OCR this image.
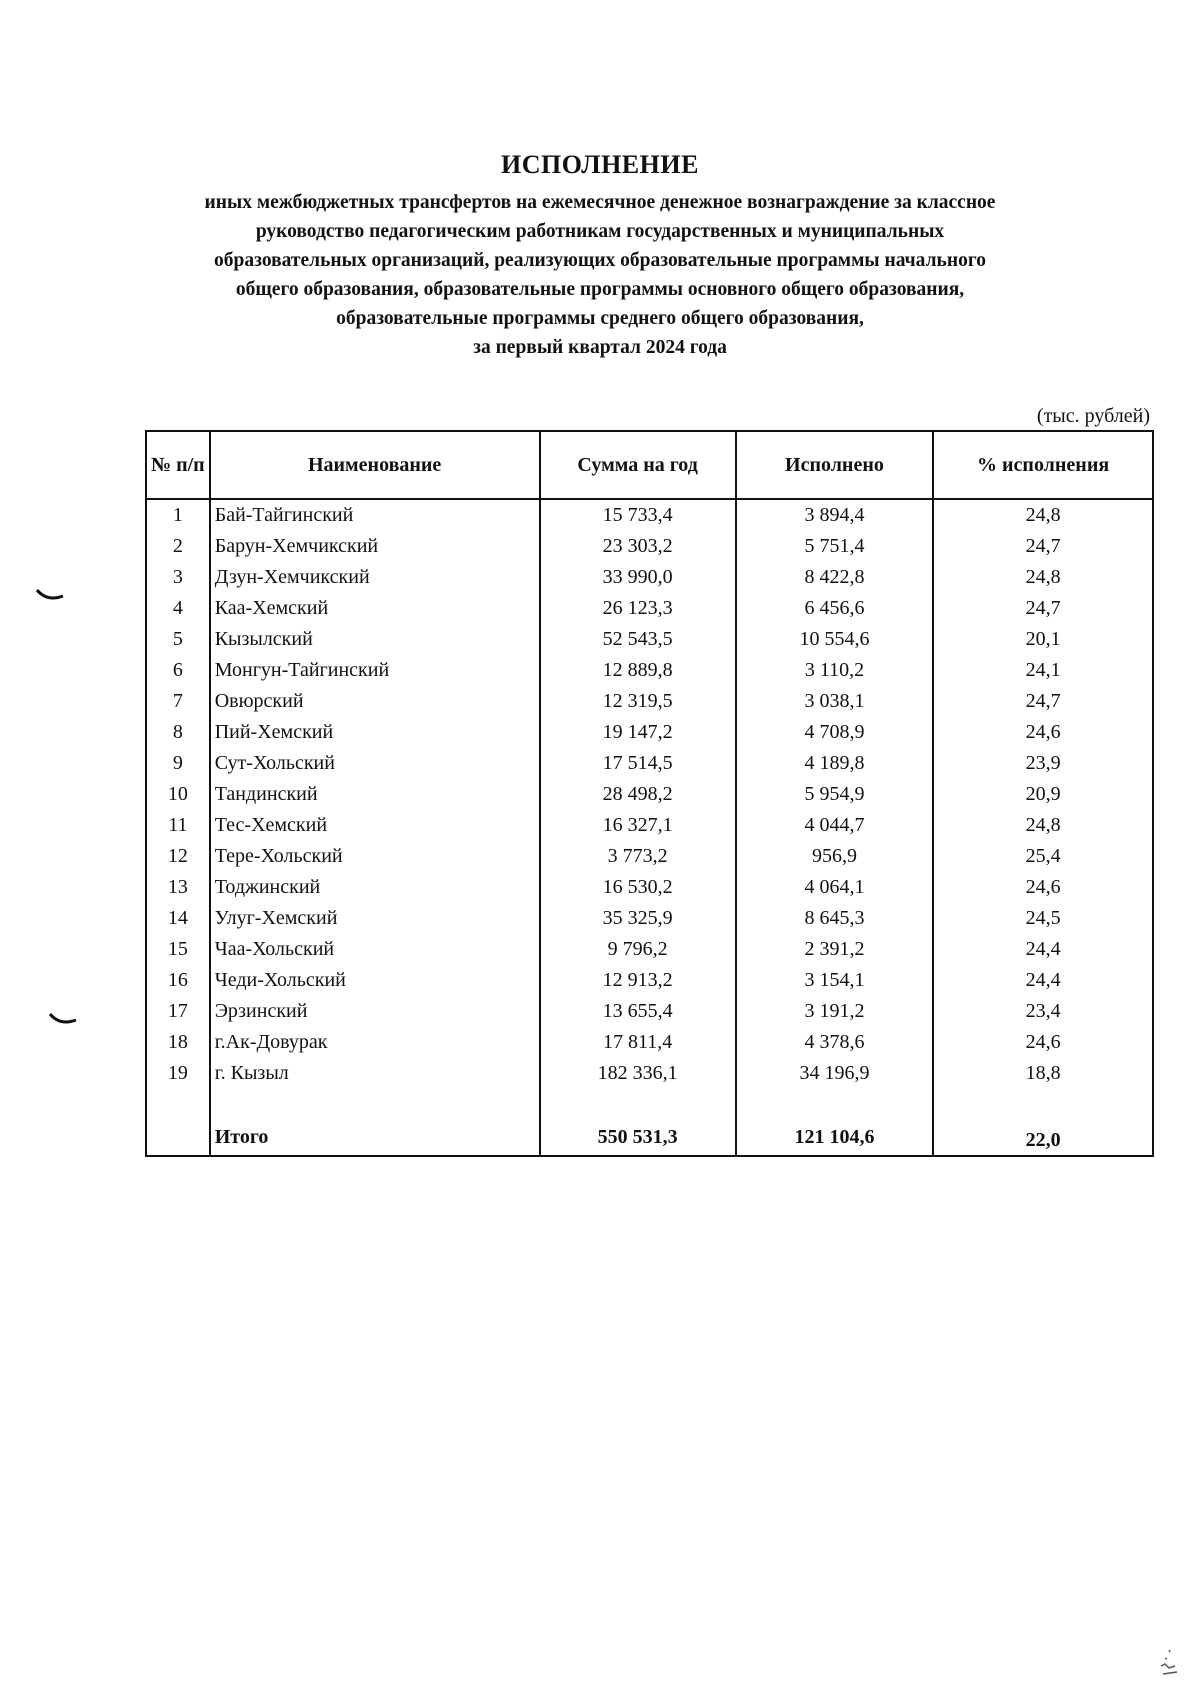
ИСПОЛНЕНИЕ
иных межбюджетных трансфертов на ежемесячное денежное вознаграждение за классное
руководство педагогическим работникам государственных и муниципальных
образовательных организаций, реализующих образовательные программы начального
общего образования, образовательные программы основного общего образования,
образовательные программы среднего общего образования,
за первый квартал 2024 года
(тыс. рублей)
№ п/п	Наименование	Сумма на год	Исполнено	% исполнения
1	Бай-Тайгинский	15 733,4	3 894,4	24,8
2	Барун-Хемчикский	23 303,2	5 751,4	24,7
3	Дзун-Хемчикский	33 990,0	8 422,8	24,8
4	Каа-Хемский	26 123,3	6 456,6	24,7
5	Кызылский	52 543,5	10 554,6	20,1
6	Монгун-Тайгинский	12 889,8	3 110,2	24,1
7	Овюрский	12 319,5	3 038,1	24,7
8	Пий-Хемский	19 147,2	4 708,9	24,6
9	Сут-Хольский	17 514,5	4 189,8	23,9
10	Тандинский	28 498,2	5 954,9	20,9
11	Тес-Хемский	16 327,1	4 044,7	24,8
12	Тере-Хольский	3 773,2	956,9	25,4
13	Тоджинский	16 530,2	4 064,1	24,6
14	Улуг-Хемский	35 325,9	8 645,3	24,5
15	Чаа-Хольский	9 796,2	2 391,2	24,4
16	Чеди-Хольский	12 913,2	3 154,1	24,4
17	Эрзинский	13 655,4	3 191,2	23,4
18	г.Ак-Довурак	17 811,4	4 378,6	24,6
19	г. Кызыл	182 336,1	34 196,9	18,8

	Итого	550 531,3	121 104,6	22,0
